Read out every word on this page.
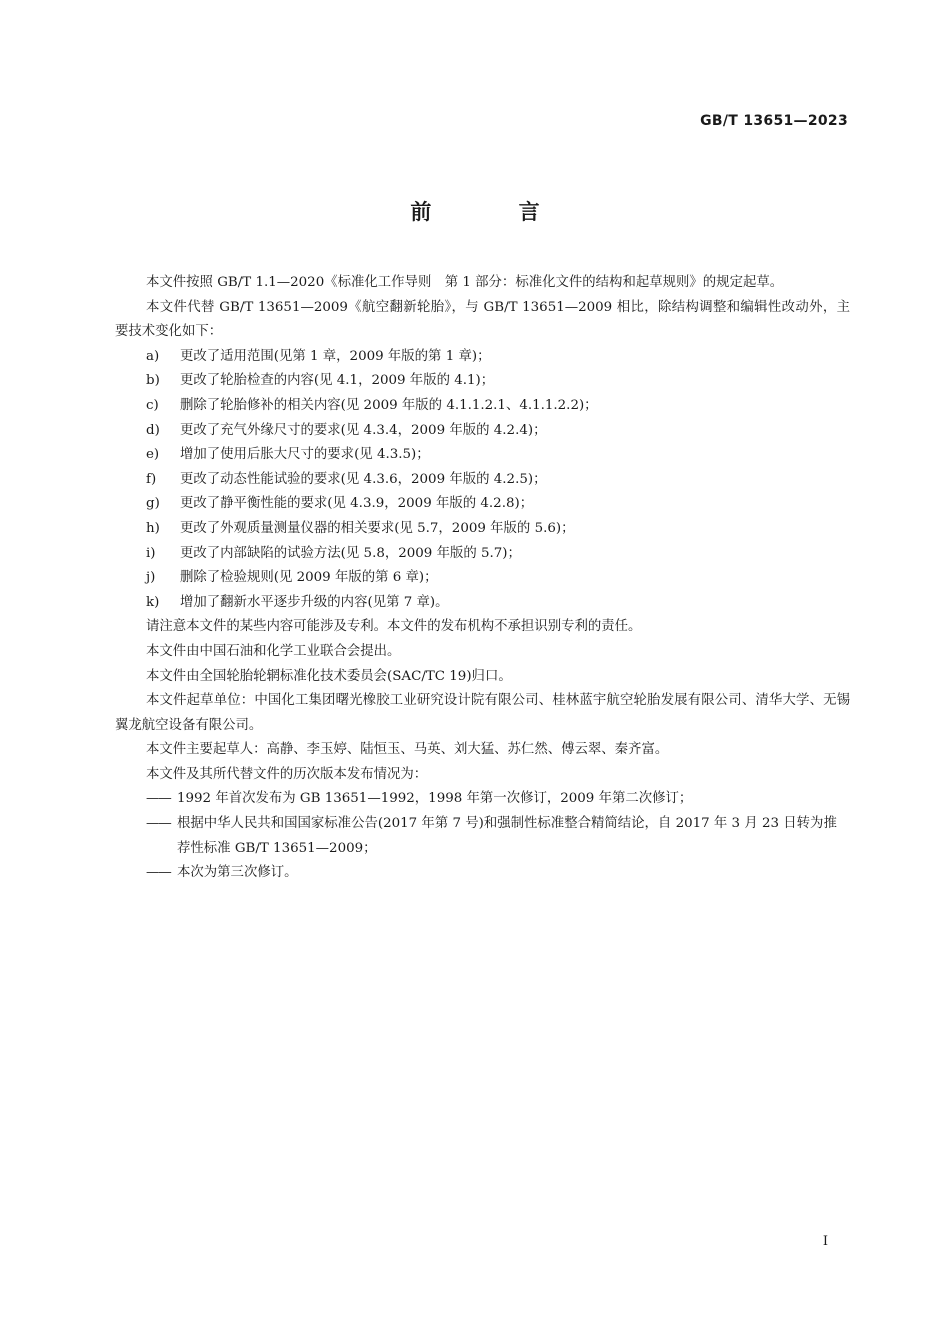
GB/T 13651—2023
前 言

本文件按照 GB/T 1.1—2020《标准化工作导则　第 1 部分：标准化文件的结构和起草规则》的规定起草。

本文件代替 GB/T 13651—2009《航空翻新轮胎》，与 GB/T 13651—2009 相比，除结构调整和编辑性改动外，主要技术变化如下：

a) 更改了适用范围(见第 1 章，2009 年版的第 1 章)；

b) 更改了轮胎检查的内容(见 4.1，2009 年版的 4.1)；

c) 删除了轮胎修补的相关内容(见 2009 年版的 4.1.1.2.1、4.1.1.2.2)；

d) 更改了充气外缘尺寸的要求(见 4.3.4，2009 年版的 4.2.4)；

e) 增加了使用后胀大尺寸的要求(见 4.3.5)；

f) 更改了动态性能试验的要求(见 4.3.6，2009 年版的 4.2.5)；

g) 更改了静平衡性能的要求(见 4.3.9，2009 年版的 4.2.8)；

h) 更改了外观质量测量仪器的相关要求(见 5.7，2009 年版的 5.6)；

i) 更改了内部缺陷的试验方法(见 5.8，2009 年版的 5.7)；

j) 删除了检验规则(见 2009 年版的第 6 章)；

k) 增加了翻新水平逐步升级的内容(见第 7 章)。

请注意本文件的某些内容可能涉及专利。本文件的发布机构不承担识别专利的责任。

本文件由中国石油和化学工业联合会提出。

本文件由全国轮胎轮辋标准化技术委员会(SAC/TC 19)归口。

本文件起草单位：中国化工集团曙光橡胶工业研究设计院有限公司、桂林蓝宇航空轮胎发展有限公司、清华大学、无锡翼龙航空设备有限公司。

本文件主要起草人：高静、李玉婷、陆恒玉、马英、刘大猛、苏仁然、傅云翠、秦齐富。

本文件及其所代替文件的历次版本发布情况为：

—— 1992 年首次发布为 GB 13651—1992，1998 年第一次修订，2009 年第二次修订；

—— 根据中华人民共和国国家标准公告(2017 年第 7 号)和强制性标准整合精简结论，自 2017 年 3 月 23 日转为推荐性标准 GB/T 13651—2009；

—— 本次为第三次修订。

I
